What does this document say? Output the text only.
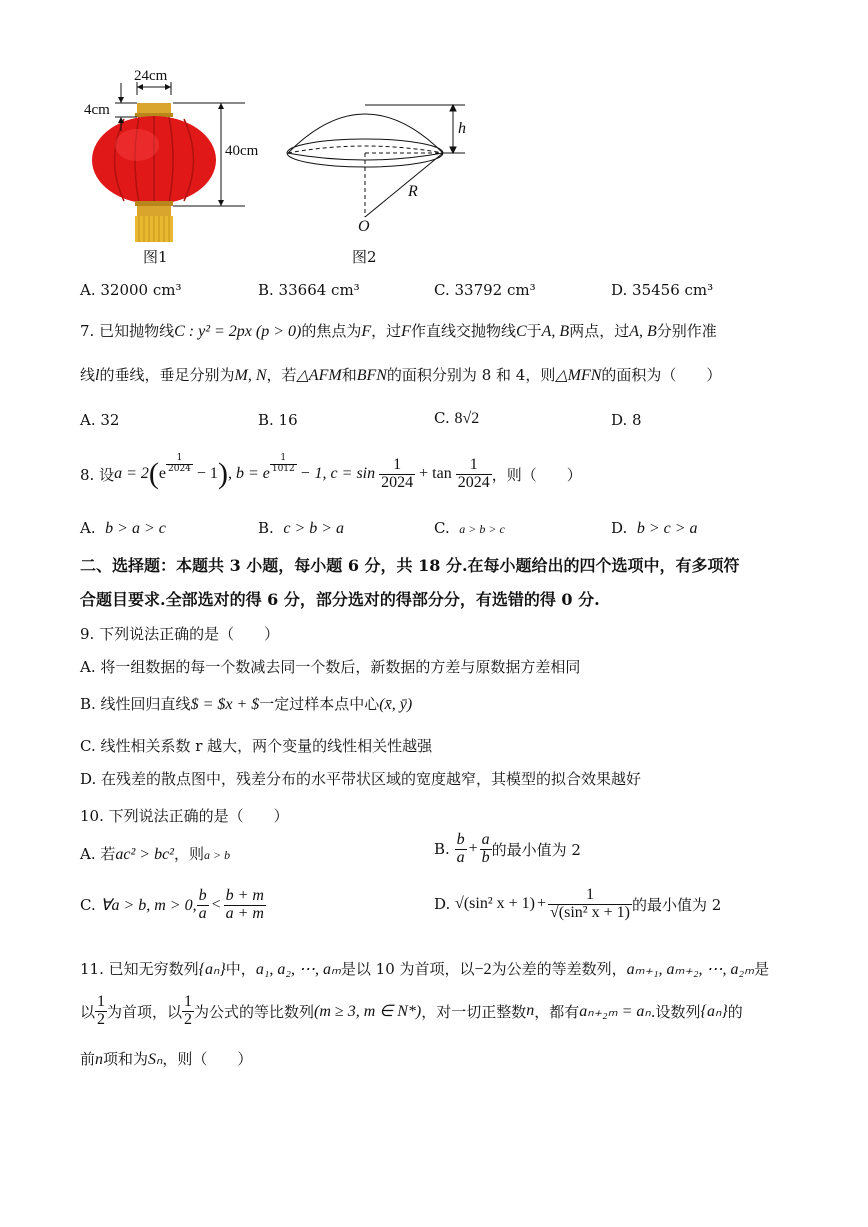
24cm
4cm
40cm
h
R
O
图1	图2
A. 32000 cm³	B. 33664 cm³	C. 33792 cm³	D. 35456 cm³
7. 已知抛物线C : y² = 2px (p > 0)的焦点为F，过F作直线交抛物线C于A, B两点，过A, B分别作准
线l的垂线，垂足分别为M, N，若△AFM和BFN的面积分别为 8 和 4，则△MFN的面积为（　　）
A. 32	B. 16	C. 8√2	D. 8
8. 设 a = 2 ( e $\frac{1}{2024} - 1$ ) , b = e $\frac{1}{1012} - 1$, $c = \sin \frac{1}{2024} + \tan \frac{1}{2024}$ ，则（　　）
A. b > a > c	B. c > b > a	C. a > b > c	D. b > c > a
二、选择题：本题共 3 小题，每小题 6 分，共 18 分.在每小题给出的四个选项中，有多项符
合题目要求.全部选对的得 6 分，部分选对的得部分分，有选错的得 0 分.
9. 下列说法正确的是（　　）
A. 将一组数据的每一个数减去同一个数后，新数据的方差与原数据方差相同
B. 线性回归直线$ = $x + $一定过样本点中心(x̄, ȳ)
C. 线性相关系数 r 越大，两个变量的线性相关性越强
D. 在残差的散点图中，残差分布的水平带状区域的宽度越窄，其模型的拟合效果越好
10. 下列说法正确的是（　　）
A. 若ac² > bc²，则a > b	B.
$\frac{b}{a} + \frac{a}{b}$ 的最小值为 2
C.
∀a > b, m > 0, $\frac{b}{a} < \frac{b + m}{a + m}$	D.
√(sin² $x + 1) + \frac{1}{\text{√(sin² x + 1)}}$ 的最小值为 2
11. 已知无穷数列{aₙ}中，a₁, a₂, ⋯, aₘ是以 10 为首项，以−2为公差的等差数列，aₘ₊₁, aₘ₊₂, ⋯, a₂ₘ是
以 $\frac{1}{2}$ 为首项，以 $\frac{1}{2}$ 为公式的等比数列 (m ≥ 3, m ∈ N*) ，对一切正整数 n ，都有 aₙ₊₂ₘ = aₙ .设数列 {aₙ} 的
前n项和为Sₙ，则（　　）
